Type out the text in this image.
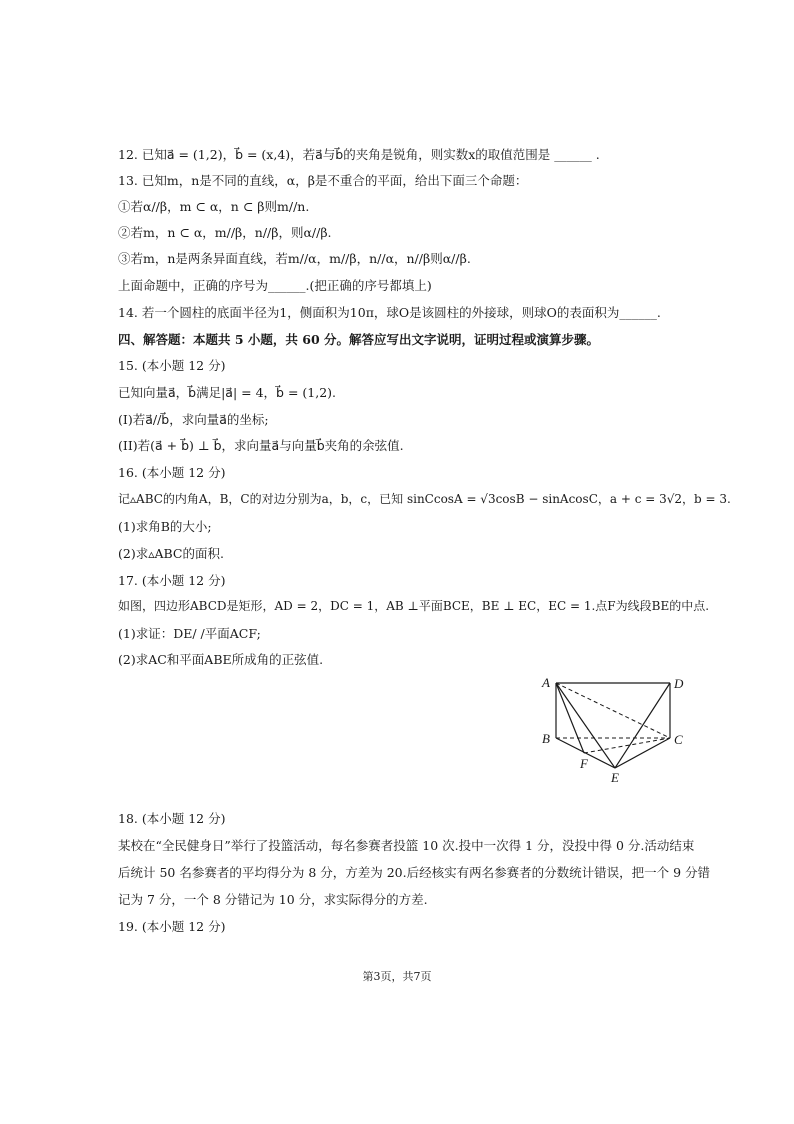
12. 已知a⃗ = (1,2)，b⃗ = (x,4)，若a⃗与b⃗的夹角是锐角，则实数x的取值范围是 ______ .
13. 已知m，n是不同的直线，α，β是不重合的平面，给出下面三个命题：
①若α//β，m ⊂ α，n ⊂ β则m//n.
②若m，n ⊂ α，m//β，n//β，则α//β.
③若m，n是两条异面直线，若m//α，m//β，n//α，n//β则α//β.
上面命题中，正确的序号为______.(把正确的序号都填上)
14. 若一个圆柱的底面半径为1，侧面积为10π，球O是该圆柱的外接球，则球O的表面积为______.
四、解答题：本题共 5 小题，共 60 分。解答应写出文字说明，证明过程或演算步骤。
15. (本小题 12 分)
已知向量a⃗，b⃗满足|a⃗| = 4，b⃗ = (1,2).
(I)若a⃗//b⃗，求向量a⃗的坐标;
(II)若(a⃗ + b⃗) ⊥ b⃗，求向量a⃗与向量b⃗夹角的余弦值.
16. (本小题 12 分)
记▵ABC的内角A，B，C的对边分别为a，b，c，已知 sinCcosA = √3cosB − sinAcosC，a + c = 3√2，b = 3.
(1)求角B的大小;
(2)求▵ABC的面积.
17. (本小题 12 分)
如图，四边形ABCD是矩形，AD = 2，DC = 1，AB ⊥平面BCE，BE ⊥ EC，EC = 1.点F为线段BE的中点.
(1)求证：DE/ /平面ACF;
(2)求AC和平面ABE所成角的正弦值.
A	D
B	C
F
E
18. (本小题 12 分)
某校在“全民健身日”举行了投篮活动，每名参赛者投篮 10 次.投中一次得 1 分，没投中得 0 分.活动结束
后统计 50 名参赛者的平均得分为 8 分，方差为 20.后经核实有两名参赛者的分数统计错误，把一个 9 分错
记为 7 分，一个 8 分错记为 10 分，求实际得分的方差.
19. (本小题 12 分)
第3页，共7页
